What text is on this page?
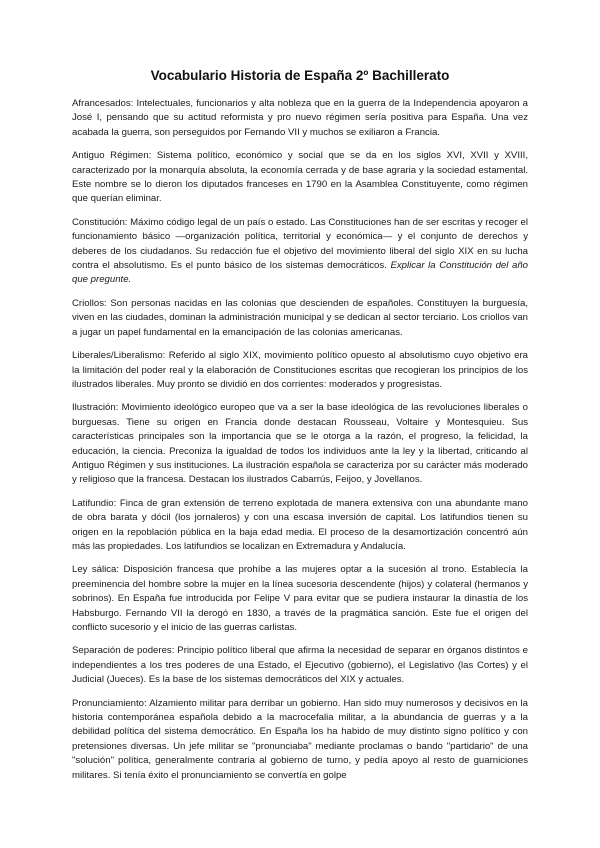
Vocabulario Historia de España 2º Bachillerato

Afrancesados: Intelectuales, funcionarios y alta nobleza que en la guerra de la Independencia apoyaron a José I, pensando que su actitud reformista y pro nuevo régimen sería positiva para España. Una vez acabada la guerra, son perseguidos por Fernando VII y muchos se exiliaron a Francia.

Antiguo Régimen: Sistema político, económico y social que se da en los siglos XVI, XVII y XVIII, caracterizado por la monarquía absoluta, la economía cerrada y de base agraria y la sociedad estamental. Este nombre se lo dieron los diputados franceses en 1790 en la Asamblea Constituyente, como régimen que querían eliminar.

Constitución: Máximo código legal de un país o estado. Las Constituciones han de ser escritas y recoger el funcionamiento básico —organización política, territorial y económica— y el conjunto de derechos y deberes de los ciudadanos. Su redacción fue el objetivo del movimiento liberal del siglo XIX en su lucha contra el absolutismo. Es el punto básico de los sistemas democráticos. Explicar la Constitución del año que pregunte.

Criollos: Son personas nacidas en las colonias que descienden de españoles. Constituyen la burguesía, viven en las ciudades, dominan la administración municipal y se dedican al sector terciario. Los criollos van a jugar un papel fundamental en la emancipación de las colonias americanas.

Liberales/Liberalismo: Referido al siglo XIX, movimiento político opuesto al absolutismo cuyo objetivo era la limitación del poder real y la elaboración de Constituciones escritas que recogieran los principios de los ilustrados liberales. Muy pronto se dividió en dos corrientes: moderados y progresistas.

Ilustración: Movimiento ideológico europeo que va a ser la base ideológica de las revoluciones liberales o burguesas. Tiene su origen en Francia donde destacan Rousseau, Voltaire y Montesquieu. Sus características principales son la importancia que se le otorga a la razón, el progreso, la felicidad, la educación, la ciencia. Preconiza la igualdad de todos los individuos ante la ley y la libertad, criticando al Antiguo Régimen y sus instituciones. La ilustración española se caracteriza por su carácter más moderado y religioso que la francesa. Destacan los ilustrados Cabarrús, Feijoo, y Jovellanos.

Latifundio: Finca de gran extensión de terreno explotada de manera extensiva con una abundante mano de obra barata y dócil (los jornaleros) y con una escasa inversión de capital. Los latifundios tienen su origen en la repoblación pública en la baja edad media. El proceso de la desamortización concentró aún más las propiedades. Los latifundios se localizan en Extremadura y Andalucía.

Ley sálica: Disposición francesa que prohíbe a las mujeres optar a la sucesión al trono. Establecía la preeminencia del hombre sobre la mujer en la línea sucesoria descendente (hijos) y colateral (hermanos y sobrinos). En España fue introducida por Felipe V para evitar que se pudiera instaurar la dinastía de los Habsburgo. Fernando VII la derogó en 1830, a través de la pragmática sanción. Este fue el origen del conflicto sucesorio y el inicio de las guerras carlistas.

Separación de poderes: Principio político liberal que afirma la necesidad de separar en órganos distintos e independientes a los tres poderes de una Estado, el Ejecutivo (gobierno), el Legislativo (las Cortes) y el Judicial (Jueces). Es la base de los sistemas democráticos del XIX y actuales.

Pronunciamiento: Alzamiento militar para derribar un gobierno. Han sido muy numerosos y decisivos en la historia contemporánea española debido a la macrocefalia militar, a la abundancia de guerras y a la debilidad política del sistema democrático. En España los ha habido de muy distinto signo político y con pretensiones diversas. Un jefe militar se "pronunciaba" mediante proclamas o bando "partidario" de una "solución" política, generalmente contraria al gobierno de turno, y pedía apoyo al resto de guarniciones militares. Si tenía éxito el pronunciamiento se convertía en golpe
